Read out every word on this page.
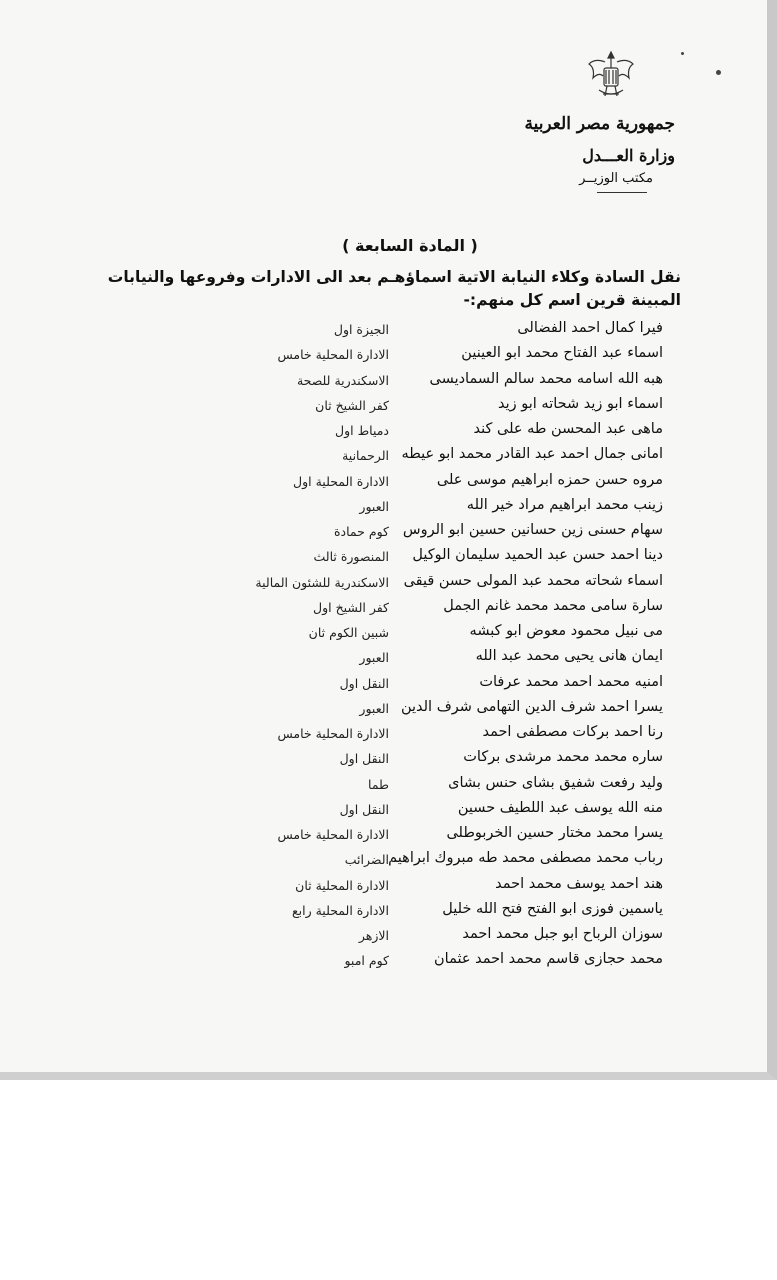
جمهورية مصر العربية
وزارة العـــدل
مكتب الوزيــر
( المادة السابعة )
نقل السادة وكلاء النيابة الاتية اسماؤهـم بعد الى الادارات وفروعها والنيابات المبينة قرين اسم كل منهم:-
فيرا كمال احمد الفضالى
الجيزة اول
اسماء عبد الفتاح محمد ابو العينين
الادارة المحلية خامس
هبه الله اسامه محمد سالم السماديسى
الاسكندرية للصحة
اسماء ابو زيد شحاته ابو زيد
كفر الشيخ ثان
ماهى عبد المحسن طه على كند
دمياط اول
امانى جمال احمد عبد القادر محمد ابو عيطه
الرحمانية
مروه حسن حمزه ابراهيم موسى على
الادارة المحلية اول
زينب محمد ابراهيم مراد خير الله
العبور
سهام حسنى زين حسانين حسين ابو الروس
كوم حمادة
دينا احمد حسن عبد الحميد سليمان الوكيل
المنصورة ثالث
اسماء شحاته محمد عبد المولى حسن قيقى
الاسكندرية للشئون المالية
سارة سامى محمد محمد غانم الجمل
كفر الشيخ اول
مى نبيل محمود معوض ابو كبشه
شبين الكوم ثان
ايمان هانى يحيى محمد عبد الله
العبور
امنيه محمد احمد محمد عرفات
النقل اول
يسرا احمد شرف الدين التهامى شرف الدين
العبور
رنا احمد بركات مصطفى احمد
الادارة المحلية خامس
ساره محمد محمد مرشدى بركات
النقل اول
وليد رفعت شفيق بشاى حنس بشاى
طما
منه الله يوسف عبد اللطيف حسين
النقل اول
يسرا محمد مختار حسين الخربوطلى
الادارة المحلية خامس
رباب محمد مصطفى محمد طه مبروك ابراهيم
الضرائب
هند احمد يوسف محمد احمد
الادارة المحلية ثان
ياسمين فوزى ابو الفتح فتح الله خليل
الادارة المحلية رابع
سوزان الرباح ابو جبل محمد احمد
الازهر
محمد حجازى قاسم محمد احمد عثمان
كوم امبو
